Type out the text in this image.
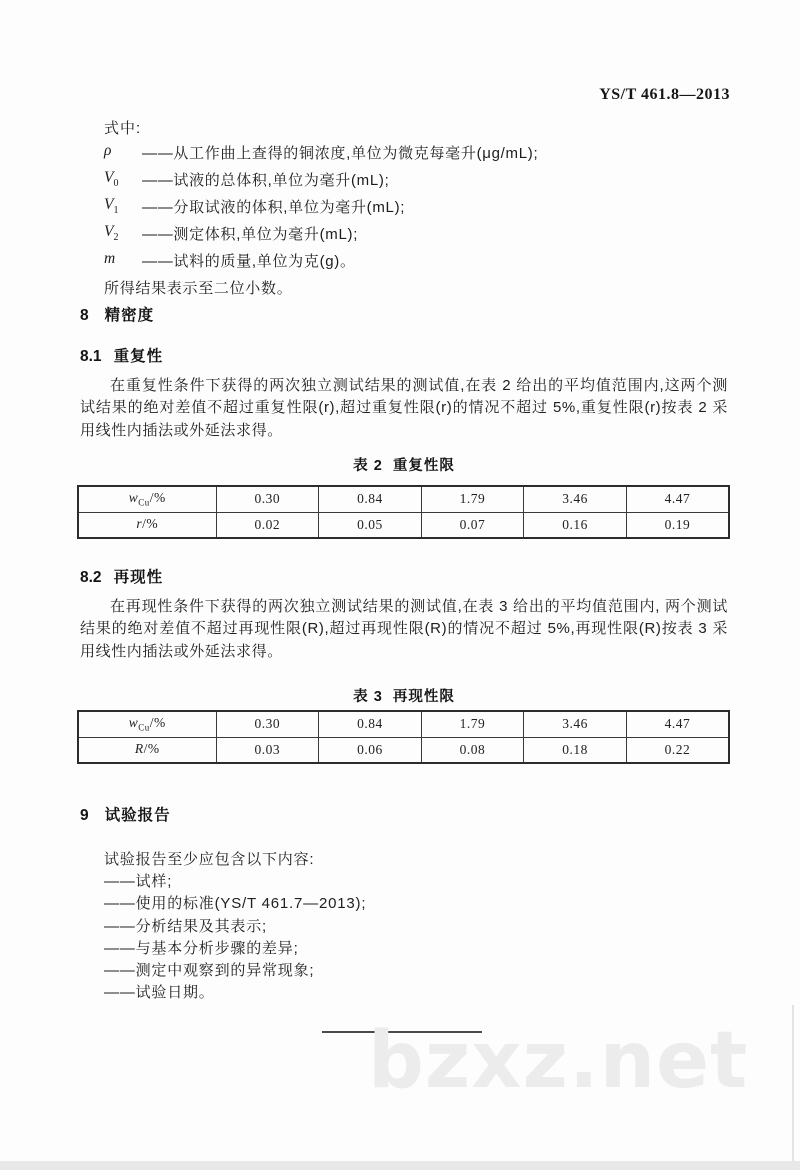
YS/T 461.8—2013
式中:
ρ	——从工作曲上查得的铜浓度,单位为微克每毫升(μg/mL);
$V_0$	——试液的总体积,单位为毫升(mL);
$V_1$	——分取试液的体积,单位为毫升(mL);
$V_2$	——测定体积,单位为毫升(mL);
m	——试料的质量,单位为克(g)。
所得结果表示至二位小数。
8 精密度
8.1 重复性
在重复性条件下获得的两次独立测试结果的测试值,在表 2 给出的平均值范围内,这两个测试结果的绝对差值不超过重复性限(r),超过重复性限(r)的情况不超过 5%,重复性限(r)按表 2 采用线性内插法或外延法求得。
表 2  重复性限
$w_{Cu}/\%$	0.30	0.84	1.79	3.46	4.47
r/%	0.02	0.05	0.07	0.16	0.19
8.2 再现性
在再现性条件下获得的两次独立测试结果的测试值,在表 3 给出的平均值范围内, 两个测试结果的绝对差值不超过再现性限(R),超过再现性限(R)的情况不超过 5%,再现性限(R)按表 3 采用线性内插法或外延法求得。
表 3  再现性限
$w_{Cu}/\%$	0.30	0.84	1.79	3.46	4.47
R/%	0.03	0.06	0.08	0.18	0.22
9 试验报告
试验报告至少应包含以下内容:
——试样;
——使用的标准(YS/T 461.7—2013);
——分析结果及其表示;
——与基本分析步骤的差异;
——测定中观察到的异常现象;
——试验日期。
bzxz.net
